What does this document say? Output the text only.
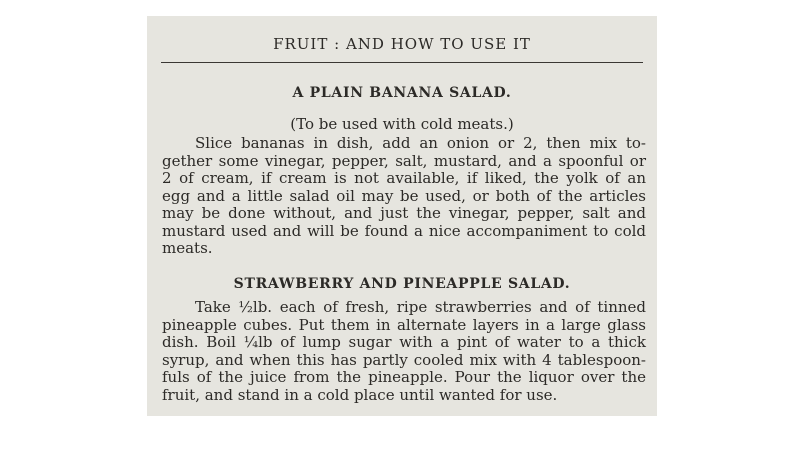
FRUIT : AND HOW TO USE IT
A PLAIN BANANA SALAD.
(To be used with cold meats.)
Slice bananas in dish, add an onion or 2, then mix to-
gether some vinegar, pepper, salt, mustard, and a spoonful or
2 of cream, if cream is not available, if liked, the yolk of an
egg and a little salad oil may be used, or both of the articles
may be done without, and just the vinegar, pepper, salt and
mustard used and will be found a nice accompaniment to cold
meats.
STRAWBERRY AND PINEAPPLE SALAD.
Take ½lb. each of fresh, ripe strawberries and of tinned
pineapple cubes. Put them in alternate layers in a large glass
dish. Boil ¼lb of lump sugar with a pint of water to a thick
syrup, and when this has partly cooled mix with 4 tablespoon-
fuls of the juice from the pineapple. Pour the liquor over the
fruit, and stand in a cold place until wanted for use.
